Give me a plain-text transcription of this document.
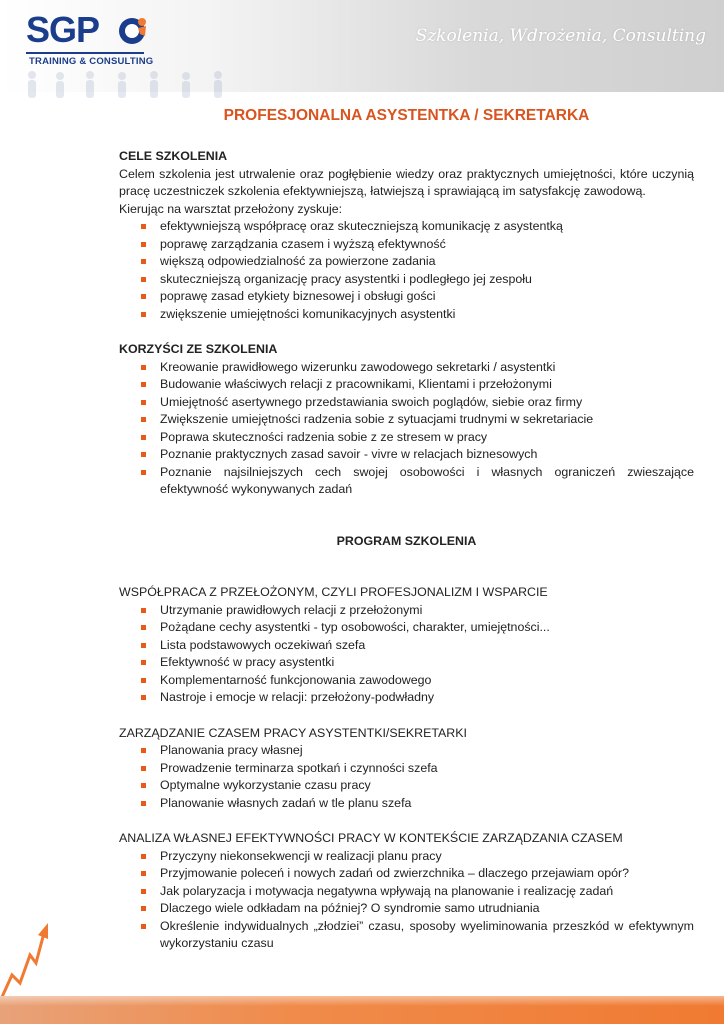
SGP
TRAINING & CONSULTING
Szkolenia, Wdrożenia, Consulting
PROFESJONALNA ASYSTENTKA / SEKRETARKA
CELE SZKOLENIA
Celem szkolenia jest utrwalenie oraz pogłębienie wiedzy oraz praktycznych umiejętności, które uczynią pracę uczestniczek szkolenia efektywniejszą, łatwiejszą i sprawiającą im satysfakcję zawodową.
Kierując na warsztat przełożony zyskuje:
efektywniejszą współpracę oraz skuteczniejszą komunikację z asystentką
poprawę zarządzania czasem i wyższą efektywność
większą odpowiedzialność za powierzone zadania
skuteczniejszą organizację pracy asystentki i podległego jej zespołu
poprawę zasad etykiety biznesowej i obsługi gości
zwiększenie umiejętności komunikacyjnych asystentki
KORZYŚCI ZE SZKOLENIA
Kreowanie prawidłowego wizerunku zawodowego sekretarki / asystentki
Budowanie właściwych relacji z pracownikami, Klientami i przełożonymi
Umiejętność asertywnego przedstawiania swoich poglądów, siebie oraz firmy
Zwiększenie umiejętności radzenia sobie z sytuacjami trudnymi w sekretariacie
Poprawa skuteczności radzenia sobie z ze stresem w pracy
Poznanie praktycznych zasad savoir - vivre w relacjach biznesowych
Poznanie najsilniejszych cech swojej osobowości i własnych ograniczeń zwieszające efektywność wykonywanych zadań
PROGRAM SZKOLENIA
WSPÓŁPRACA Z PRZEŁOŻONYM, CZYLI PROFESJONALIZM I WSPARCIE
Utrzymanie prawidłowych relacji z przełożonymi
Pożądane cechy asystentki - typ osobowości, charakter, umiejętności...
Lista podstawowych oczekiwań szefa
Efektywność w pracy asystentki
Komplementarność funkcjonowania zawodowego
Nastroje i emocje w relacji: przełożony-podwładny
ZARZĄDZANIE CZASEM PRACY ASYSTENTKI/SEKRETARKI
Planowania pracy własnej
Prowadzenie terminarza spotkań i czynności szefa
Optymalne wykorzystanie czasu pracy
Planowanie własnych zadań w tle planu szefa
ANALIZA WŁASNEJ EFEKTYWNOŚCI PRACY W KONTEKŚCIE ZARZĄDZANIA CZASEM
Przyczyny niekonsekwencji w realizacji planu pracy
Przyjmowanie poleceń i nowych zadań od zwierzchnika – dlaczego przejawiam opór?
Jak polaryzacja i motywacja negatywna wpływają na planowanie i realizację zadań
Dlaczego wiele odkładam na później? O syndromie samo utrudniania
Określenie indywidualnych „złodziei” czasu, sposoby wyeliminowania przeszkód w efektywnym wykorzystaniu czasu
